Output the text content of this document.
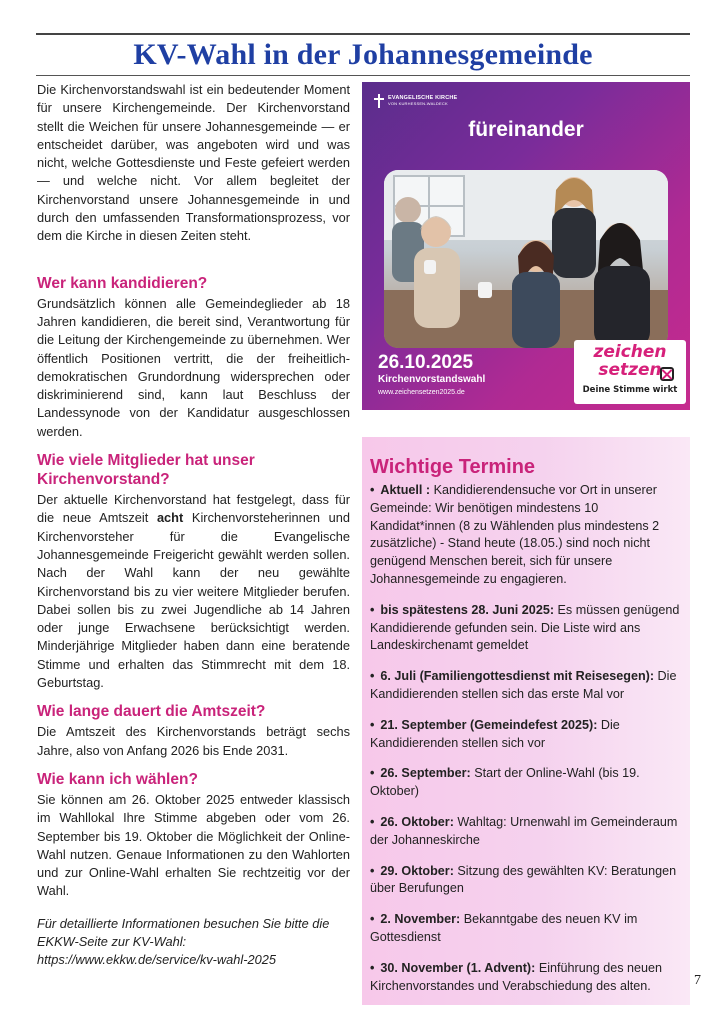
KV-Wahl in der Johannesgemeinde

Die Kirchenvorstandswahl ist ein bedeutender Moment für unsere Kirchengemeinde. Der Kirchenvorstand stellt die Weichen für unsere Johannesgemeinde — er entscheidet darüber, was angeboten wird und was nicht, welche Gottesdienste und Feste gefeiert werden— und welche nicht. Vor allem begleitet der Kirchenvorstand unsere Johannesgemeinde in und durch den umfassenden Transformationsprozess, vor dem die Kirche in diesen Zeiten steht.

Wer kann kandidieren?

Grundsätzlich können alle Gemeindeglieder ab 18 Jahren kandidieren, die bereit sind, Verantwortung für die Leitung der Kirchengemeinde zu übernehmen. Wer öffentlich Positionen vertritt, die der freiheitlich-demokratischen Grundordnung widersprechen oder diskriminierend sind, kann laut Beschluss der Landessynode von der Kandidatur ausgeschlossen werden.

Wie viele Mitglieder hat unser Kirchenvorstand?

Der aktuelle Kirchenvorstand hat festgelegt, dass für die neue Amtszeit acht Kirchenvorsteherinnen und Kirchenvorsteher für die Evangelische Johannesgemeinde Freigericht gewählt werden sollen. Nach der Wahl kann der neu gewählte Kirchenvorstand bis zu vier weitere Mitglieder berufen. Dabei sollen bis zu zwei Jugendliche ab 14 Jahren oder junge Erwachsene berücksichtigt werden. Minderjährige Mitglieder haben dann eine beratende Stimme und erhalten das Stimmrecht mit dem 18. Geburtstag.

Wie lange dauert die Amtszeit?

Die Amtszeit des Kirchenvorstands beträgt sechs Jahre, also von Anfang 2026 bis Ende 2031.

Wie kann ich wählen?

Sie können am 26. Oktober 2025 entweder klassisch im Wahllokal Ihre Stimme abgeben oder vom 26. September bis 19. Oktober die Möglichkeit der Online-Wahl nutzen. Genaue Informationen zu den Wahlorten und zur Online-Wahl erhalten Sie rechtzeitig vor der Wahl.

Für detaillierte Informationen besuchen Sie bitte die EKKW-Seite zur KV-Wahl: https://www.ekkw.de/service/kv-wahl-2025

EVANGELISCHE KIRCHE
VON KURHESSEN-WALDECK
füreinander
26.10.2025
Kirchenvorstandswahl
www.zeichensetzen2025.de
zeichen
setzen
Deine Stimme wirkt
Wichtige Termine
• Aktuell : Kandidierendensuche vor Ort in unserer Gemeinde: Wir benötigen mindestens 10 Kandidat*innen (8 zu Wählenden plus mindestens 2 zusätzliche) - Stand heute (18.05.) sind noch nicht genügend Menschen bereit, sich für unsere Johannesgemeinde zu engagieren.
• bis spätestens 28. Juni 2025: Es müssen genügend Kandidierende gefunden sein. Die Liste wird ans Landeskirchenamt gemeldet
• 6. Juli (Familiengottesdienst mit Reisesegen): Die Kandidierenden stellen sich das erste Mal vor
• 21. September (Gemeindefest 2025): Die Kandidierenden stellen sich vor
• 26. September: Start der Online-Wahl (bis 19. Oktober)
• 26. Oktober: Wahltag: Urnenwahl im Gemeinderaum der Johanneskirche
• 29. Oktober: Sitzung des gewählten KV: Beratungen über Berufungen
• 2. November: Bekanntgabe des neuen KV im Gottesdienst
• 30. November (1. Advent): Einführung des neuen Kirchenvorstandes und Verabschiedung des alten.	7
